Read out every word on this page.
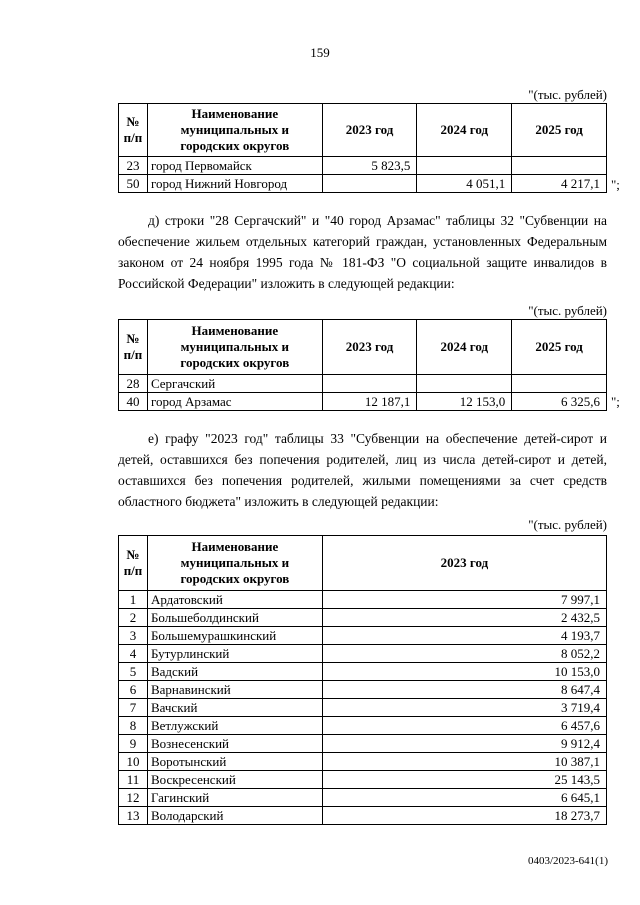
159
"(тыс. рублей)
№ п/п	Наименование муниципальных и городских округов	2023 год	2024 год	2025 год
23	город Первомайск	5 823,5		
50	город Нижний Новгород		4 051,1	4 217,1 ";

д) строки "28 Сергачский" и "40 город Арзамас" таблицы 32 "Субвенции на обеспечение жильем отдельных категорий граждан, установленных Федеральным законом от 24 ноября 1995 года № 181-ФЗ "О социальной защите инвалидов в Российской Федерации" изложить в следующей редакции:

"(тыс. рублей)
№ п/п	Наименование муниципальных и городских округов	2023 год	2024 год	2025 год
28	Сергачский			
40	город Арзамас	12 187,1	12 153,0	6 325,6 ";

е) графу "2023 год" таблицы 33 "Субвенции на обеспечение детей-сирот и детей, оставшихся без попечения родителей, лиц из числа детей-сирот и детей, оставшихся без попечения родителей, жилыми помещениями за счет средств областного бюджета" изложить в следующей редакции:

"(тыс. рублей)
№ п/п	Наименование муниципальных и городских округов	2023 год
1	Ардатовский	7 997,1
2	Большеболдинский	2 432,5
3	Большемурашкинский	4 193,7
4	Бутурлинский	8 052,2
5	Вадский	10 153,0
6	Варнавинский	8 647,4
7	Вачский	3 719,4
8	Ветлужский	6 457,6
9	Вознесенский	9 912,4
10	Воротынский	10 387,1
11	Воскресенский	25 143,5
12	Гагинский	6 645,1
13	Володарский	18 273,7
0403/2023-641(1)
